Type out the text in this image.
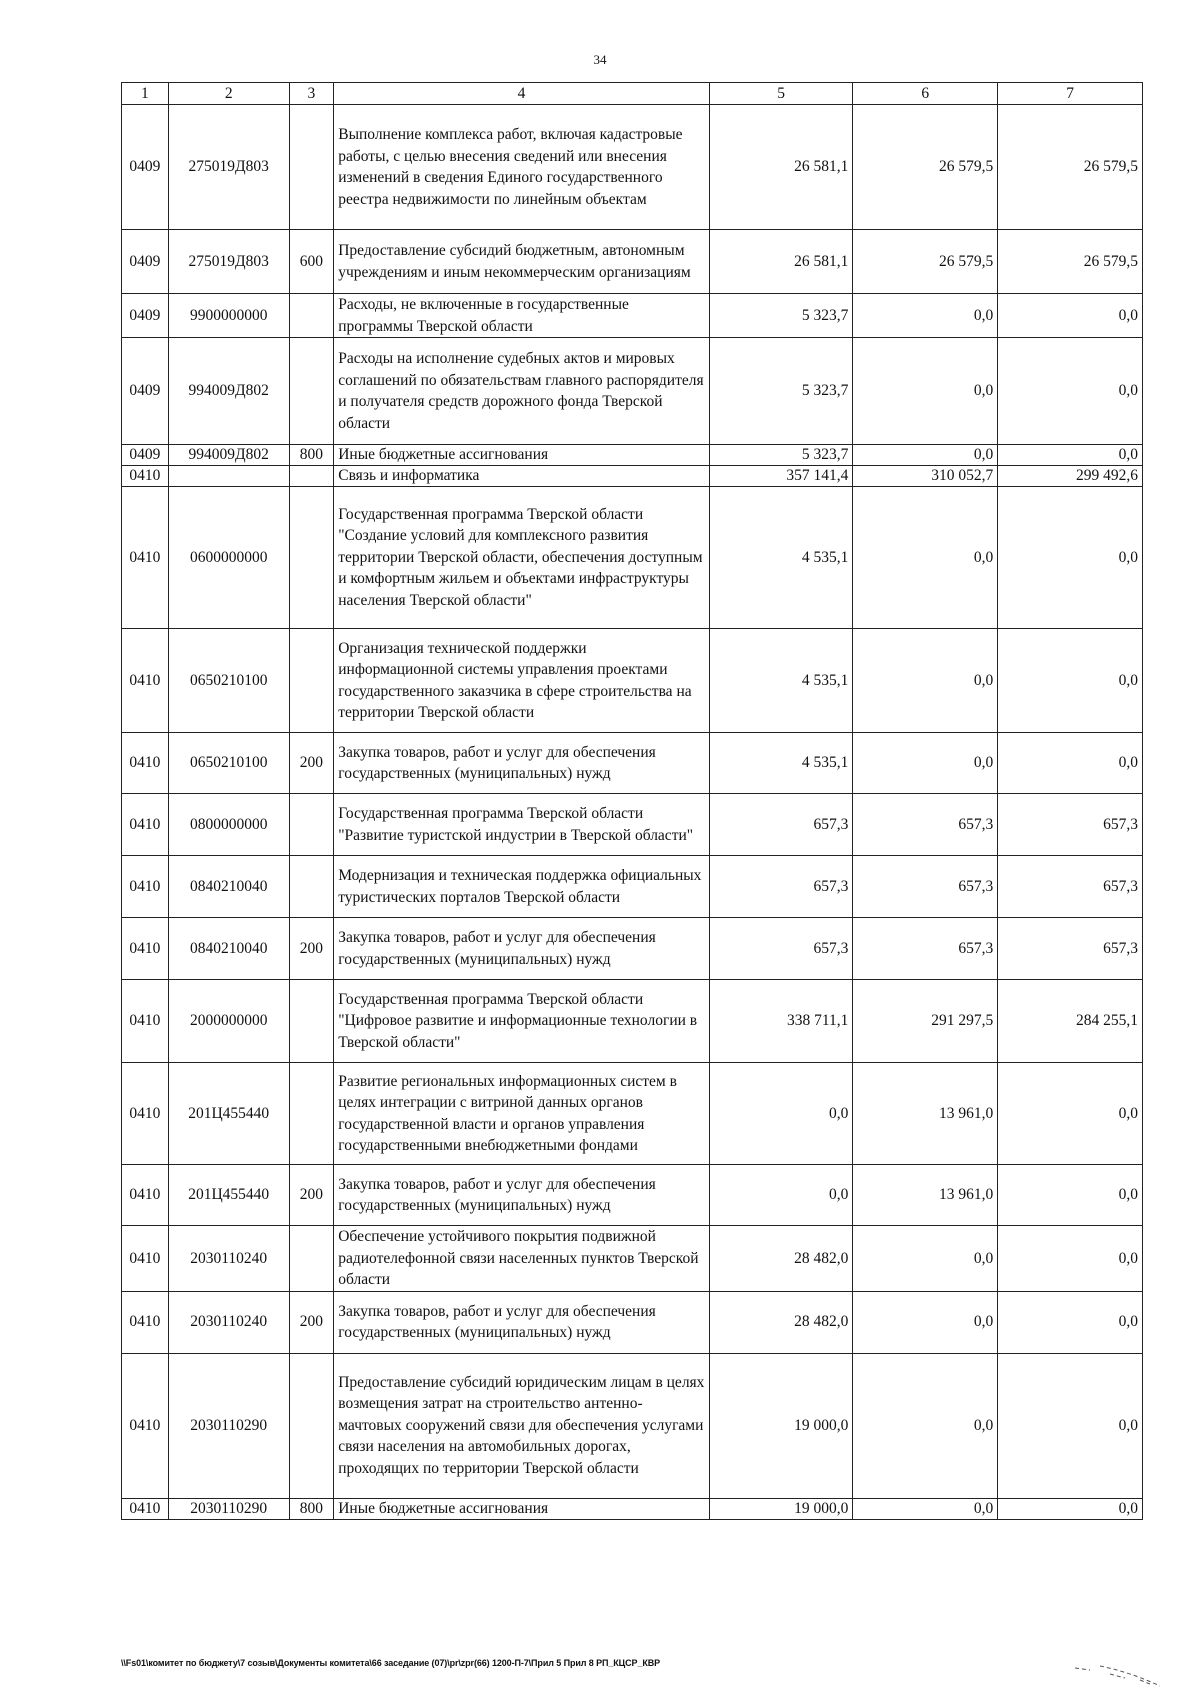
34
1	2	3	4	5	6	7
0409	275019Д803		Выполнение комплекса работ, включая кадастровые работы, с целью внесения сведений или внесения изменений в сведения Единого государственного реестра недвижимости по линейным объектам	26 581,1	26 579,5	26 579,5
0409	275019Д803	600	Предоставление субсидий бюджетным, автономным учреждениям и иным некоммерческим организациям	26 581,1	26 579,5	26 579,5
0409	9900000000		Расходы, не включенные в государственные программы Тверской области	5 323,7	0,0	0,0
0409	994009Д802		Расходы на исполнение судебных актов и мировых соглашений по обязательствам главного распорядителя и получателя средств дорожного фонда Тверской области	5 323,7	0,0	0,0
0409	994009Д802	800	Иные бюджетные ассигнования	5 323,7	0,0	0,0
0410			Связь и информатика	357 141,4	310 052,7	299 492,6
0410	0600000000		Государственная программа Тверской области "Создание условий для комплексного развития территории Тверской области, обеспечения доступным и комфортным жильем и объектами инфраструктуры населения Тверской области"	4 535,1	0,0	0,0
0410	0650210100		Организация технической поддержки информационной системы управления проектами государственного заказчика в сфере строительства на территории Тверской области	4 535,1	0,0	0,0
0410	0650210100	200	Закупка товаров, работ и услуг для обеспечения государственных (муниципальных) нужд	4 535,1	0,0	0,0
0410	0800000000		Государственная программа Тверской области "Развитие туристской индустрии в Тверской области"	657,3	657,3	657,3
0410	0840210040		Модернизация и техническая поддержка официальных туристических порталов Тверской области	657,3	657,3	657,3
0410	0840210040	200	Закупка товаров, работ и услуг для обеспечения государственных (муниципальных) нужд	657,3	657,3	657,3
0410	2000000000		Государственная программа Тверской области "Цифровое развитие и информационные технологии в Тверской области"	338 711,1	291 297,5	284 255,1
0410	201Ц455440		Развитие региональных информационных систем в целях интеграции с витриной данных органов государственной власти и органов управления государственными внебюджетными фондами	0,0	13 961,0	0,0
0410	201Ц455440	200	Закупка товаров, работ и услуг для обеспечения государственных (муниципальных) нужд	0,0	13 961,0	0,0
0410	2030110240		Обеспечение устойчивого покрытия подвижной радиотелефонной связи населенных пунктов Тверской области	28 482,0	0,0	0,0
0410	2030110240	200	Закупка товаров, работ и услуг для обеспечения государственных (муниципальных) нужд	28 482,0	0,0	0,0
0410	2030110290		Предоставление субсидий юридическим лицам в целях возмещения затрат на строительство антенно-мачтовых сооружений связи для обеспечения услугами связи населения на автомобильных дорогах, проходящих по территории Тверской области	19 000,0	0,0	0,0
0410	2030110290	800	Иные бюджетные ассигнования	19 000,0	0,0	0,0
\\Fs01\комитет по бюджету\7 созыв\Документы комитета\66 заседание (07)\pr\zpr(66) 1200-П-7\Прил 5 Прил 8 РП_КЦСР_КВР
